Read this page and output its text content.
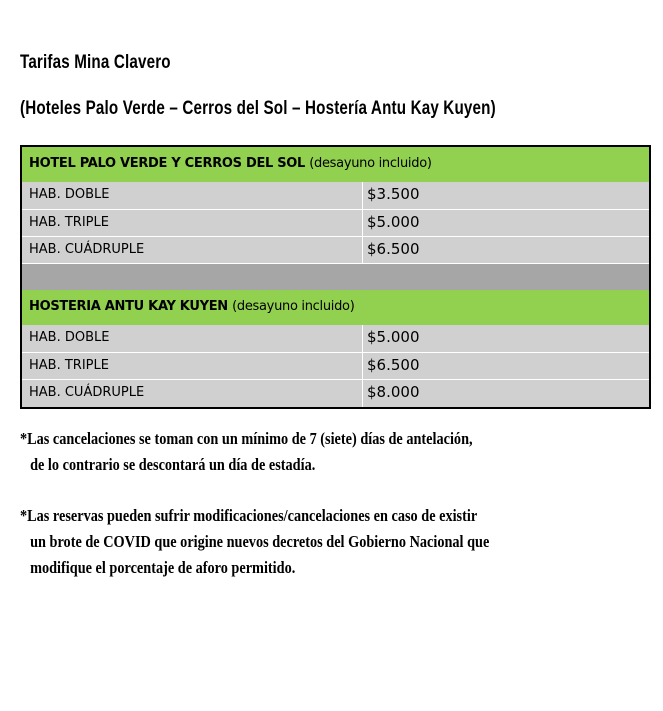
Tarifas Mina Clavero
(Hoteles Palo Verde – Cerros del Sol – Hostería Antu Kay Kuyen)
HOTEL PALO VERDE Y CERROS DEL SOL (desayuno incluido)
HAB. DOBLE	$3.500
HAB. TRIPLE	$5.000
HAB. CUÁDRUPLE	$6.500
HOSTERIA ANTU KAY KUYEN (desayuno incluido)
HAB. DOBLE	$5.000
HAB. TRIPLE	$6.500
HAB. CUÁDRUPLE	$8.000
*Las cancelaciones se toman con un mínimo de 7 (siete) días de antelación,
de lo contrario se descontará un día de estadía.
*Las reservas pueden sufrir modificaciones/cancelaciones en caso de existir
un brote de COVID que origine nuevos decretos del Gobierno Nacional que
modifique el porcentaje de aforo permitido.
